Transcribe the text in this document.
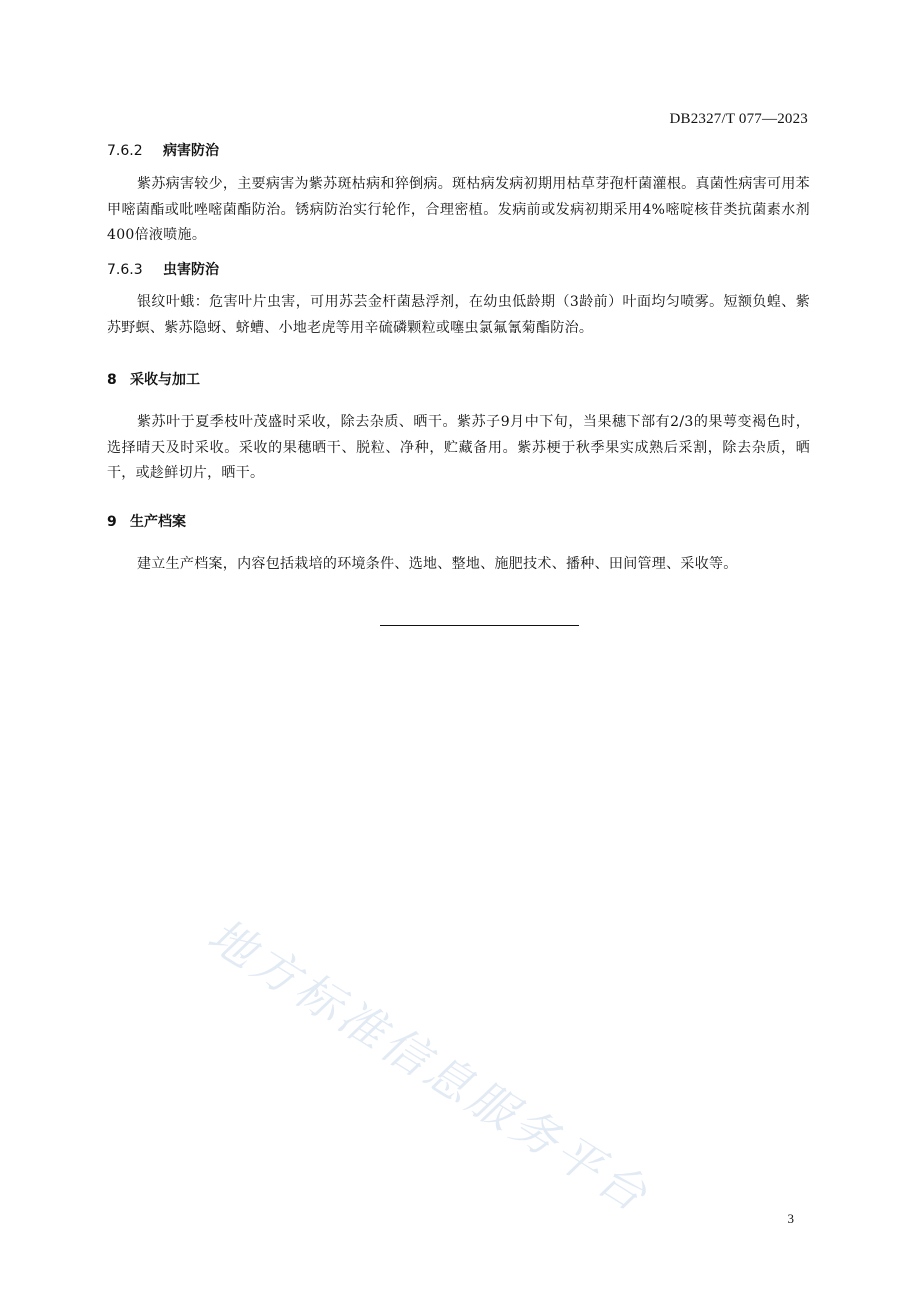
DB2327/T 077—2023
7.6.2 病害防治

紫苏病害较少，主要病害为紫苏斑枯病和猝倒病。斑枯病发病初期用枯草芽孢杆菌灌根。真菌性病害可用苯甲嘧菌酯或吡唑嘧菌酯防治。锈病防治实行轮作，合理密植。发病前或发病初期采用4%嘧啶核苷类抗菌素水剂400倍液喷施。

7.6.3 虫害防治

银纹叶蛾：危害叶片虫害，可用苏芸金杆菌悬浮剂，在幼虫低龄期（3龄前）叶面均匀喷雾。短额负蝗、紫苏野螟、紫苏隐蚜、蛴螬、小地老虎等用辛硫磷颗粒或噻虫氯氟氰菊酯防治。

8 采收与加工

紫苏叶于夏季枝叶茂盛时采收，除去杂质、晒干。紫苏子9月中下旬，当果穗下部有2/3的果萼变褐色时，选择晴天及时采收。采收的果穗晒干、脱粒、净种，贮藏备用。紫苏梗于秋季果实成熟后采割，除去杂质，晒干，或趁鲜切片，晒干。

9 生产档案

建立生产档案，内容包括栽培的环境条件、选地、整地、施肥技术、播种、田间管理、采收等。

地方标准信息服务平台	3
